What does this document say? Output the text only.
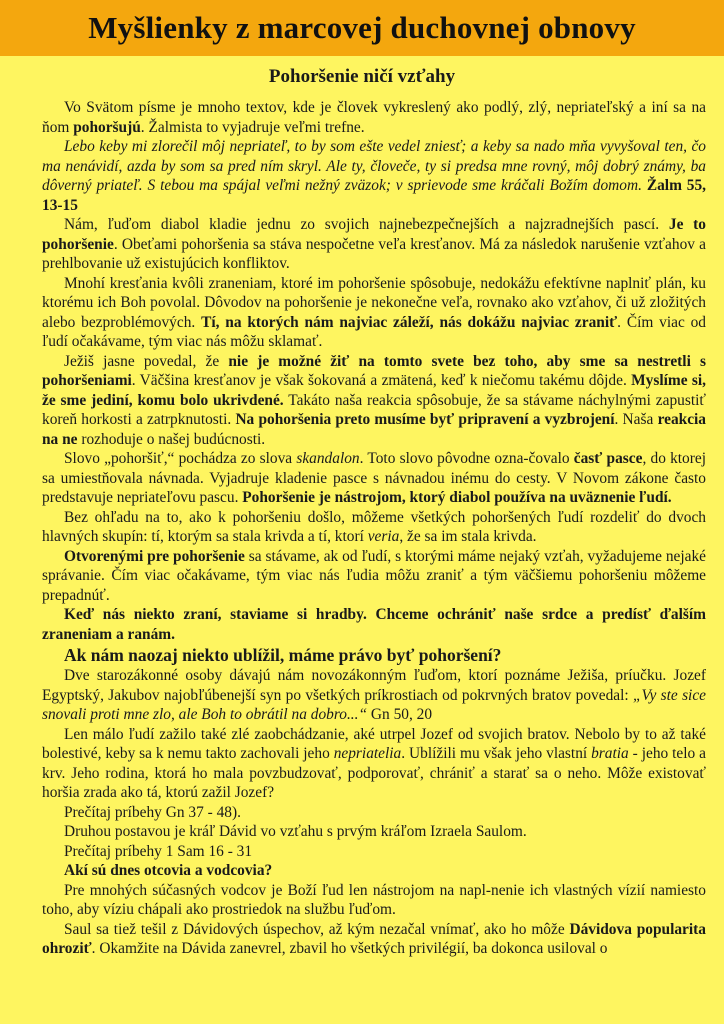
Myšlienky z marcovej duchovnej obnovy
Pohoršenie ničí vzťahy

Vo Svätom písme je mnoho textov, kde je človek vykreslený ako podlý, zlý, nepriateľský a iní sa na ňom pohoršujú. Žalmista to vyjadruje veľmi trefne.

Lebo keby mi zlorečil môj nepriateľ, to by som ešte vedel zniesť; a keby sa nado mňa vyvyšoval ten, čo ma nenávidí, azda by som sa pred ním skryl. Ale ty, človeče, ty si predsa mne rovný, môj dobrý známy, ba dôverný priateľ. S tebou ma spájal veľmi nežný zväzok; v sprievode sme kráčali Božím domom. Žalm 55, 13-15

Nám, ľuďom diabol kladie jednu zo svojich najnebezpečnejších a najzradnejších pascí. Je to pohoršenie. Obeťami pohoršenia sa stáva nespočetne veľa kresťanov. Má za následok narušenie vzťahov a prehlbovanie už existujúcich konfliktov.

Mnohí kresťania kvôli zraneniam, ktoré im pohoršenie spôsobuje, nedokážu efektívne naplniť plán, ku ktorému ich Boh povolal. Dôvodov na pohoršenie je nekonečne veľa, rovnako ako vzťahov, či už zložitých alebo bezproblémových. Tí, na ktorých nám najviac záleží, nás dokážu najviac zraniť. Čím viac od ľudí očakávame, tým viac nás môžu sklamať.

Ježiš jasne povedal, že nie je možné žiť na tomto svete bez toho, aby sme sa nestretli s pohoršeniami. Väčšina kresťanov je však šokovaná a zmätená, keď k niečomu takému dôjde. Myslíme si, že sme jediní, komu bolo ukrivdené. Takáto naša reakcia spôsobuje, že sa stávame náchylnými zapustiť koreň horkosti a zatrpknutosti. Na pohoršenia preto musíme byť pripravení a vyzbrojení. Naša reakcia na ne rozhoduje o našej budúcnosti.

Slovo „pohoršiť,“ pochádza zo slova skandalon. Toto slovo pôvodne ozna-čovalo časť pasce, do ktorej sa umiestňovala návnada. Vyjadruje kladenie pasce s návnadou inému do cesty. V Novom zákone často predstavuje nepriateľovu pascu. Pohoršenie je nástrojom, ktorý diabol používa na uväznenie ľudí.

Bez ohľadu na to, ako k pohoršeniu došlo, môžeme všetkých pohoršených ľudí rozdeliť do dvoch hlavných skupín: tí, ktorým sa stala krivda a tí, ktorí veria, že sa im stala krivda.

Otvorenými pre pohoršenie sa stávame, ak od ľudí, s ktorými máme nejaký vzťah, vyžadujeme nejaké správanie. Čím viac očakávame, tým viac nás ľudia môžu zraniť a tým väčšiemu pohoršeniu môžeme prepadnúť.

Keď nás niekto zraní, staviame si hradby. Chceme ochrániť naše srdce a predísť ďalším zraneniam a ranám.

Ak nám naozaj niekto ublížil, máme právo byť pohoršení?

Dve starozákonné osoby dávajú nám novozákonným ľuďom, ktorí poznáme Ježiša, príučku. Jozef Egyptský, Jakubov najobľúbenejší syn po všetkých príkrostiach od pokrvných bratov povedal: „Vy ste sice snovali proti mne zlo, ale Boh to obrátil na dobro...“ Gn 50, 20

Len málo ľudí zažilo také zlé zaobchádzanie, aké utrpel Jozef od svojich bratov. Nebolo by to až také bolestivé, keby sa k nemu takto zachovali jeho nepriatelia. Ublížili mu však jeho vlastní bratia - jeho telo a krv. Jeho rodina, ktorá ho mala povzbudzovať, podporovať, chrániť a starať sa o neho. Môže existovať horšia zrada ako tá, ktorú zažil Jozef?

Prečítaj príbehy Gn 37 - 48).

Druhou postavou je kráľ Dávid vo vzťahu s prvým kráľom Izraela Saulom.

Prečítaj príbehy 1 Sam 16 - 31

Akí sú dnes otcovia a vodcovia?

Pre mnohých súčasných vodcov je Boží ľud len nástrojom na napl-nenie ich vlastných vízií namiesto toho, aby víziu chápali ako prostriedok na službu ľuďom.

Saul sa tiež tešil z Dávidových úspechov, až kým nezačal vnímať, ako ho môže Dávidova popularita ohroziť. Okamžite na Dávida zanevrel, zbavil ho všetkých privilégií, ba dokonca usiloval o
